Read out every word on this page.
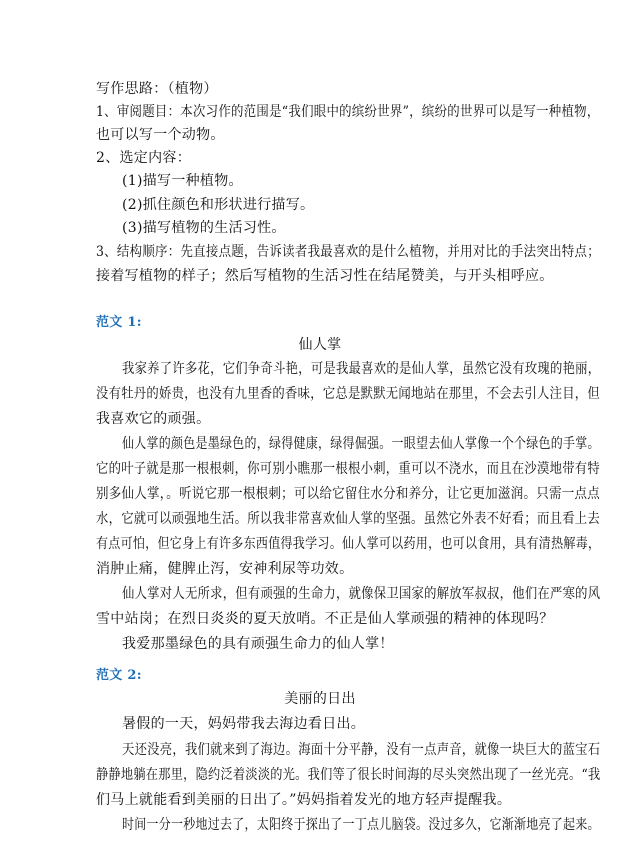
写作思路：（植物）
1、审阅题目：本次习作的范围是“我们眼中的缤纷世界”，缤纷的世界可以是写一种植物，
也可以写一个动物。
2、选定内容：
(1)描写一种植物。
(2)抓住颜色和形状进行描写。
(3)描写植物的生活习性。
3、结构顺序：先直接点题，告诉读者我最喜欢的是什么植物，并用对比的手法突出特点；
接着写植物的样子；然后写植物的生活习性在结尾赞美，与开头相呼应。
范文 1:
仙人掌
我家养了许多花，它们争奇斗艳，可是我最喜欢的是仙人掌，虽然它没有玫瑰的艳丽，
没有牡丹的娇贵，也没有九里香的香味，它总是默默无闻地站在那里，不会去引人注目，但
我喜欢它的顽强。
仙人掌的颜色是墨绿色的，绿得健康，绿得倔强。一眼望去仙人掌像一个个绿色的手掌。
它的叶子就是那一根根刺，你可别小瞧那一根根小刺，重可以不浇水，而且在沙漠地带有特
别多仙人掌，。听说它那一根根刺；可以给它留住水分和养分，让它更加滋润。只需一点点
水，它就可以顽强地生活。所以我非常喜欢仙人掌的坚强。虽然它外表不好看；而且看上去
有点可怕，但它身上有许多东西值得我学习。仙人掌可以药用，也可以食用，具有清热解毒，
消肿止痛，健脾止泻，安神利尿等功效。
仙人掌对人无所求，但有顽强的生命力，就像保卫国家的解放军叔叔，他们在严寒的风
雪中站岗；在烈日炎炎的夏天放哨。不正是仙人掌顽强的精神的体现吗？
我爱那墨绿色的具有顽强生命力的仙人掌！
范文 2:
美丽的日出
暑假的一天，妈妈带我去海边看日出。
天还没亮，我们就来到了海边。海面十分平静，没有一点声音，就像一块巨大的蓝宝石
静静地躺在那里，隐约泛着淡淡的光。我们等了很长时间海的尽头突然出现了一丝光亮。“我
们马上就能看到美丽的日出了。”妈妈指着发光的地方轻声提醒我。
时间一分一秒地过去了，太阳终于探出了一丁点儿脑袋。没过多久，它渐渐地亮了起来。
